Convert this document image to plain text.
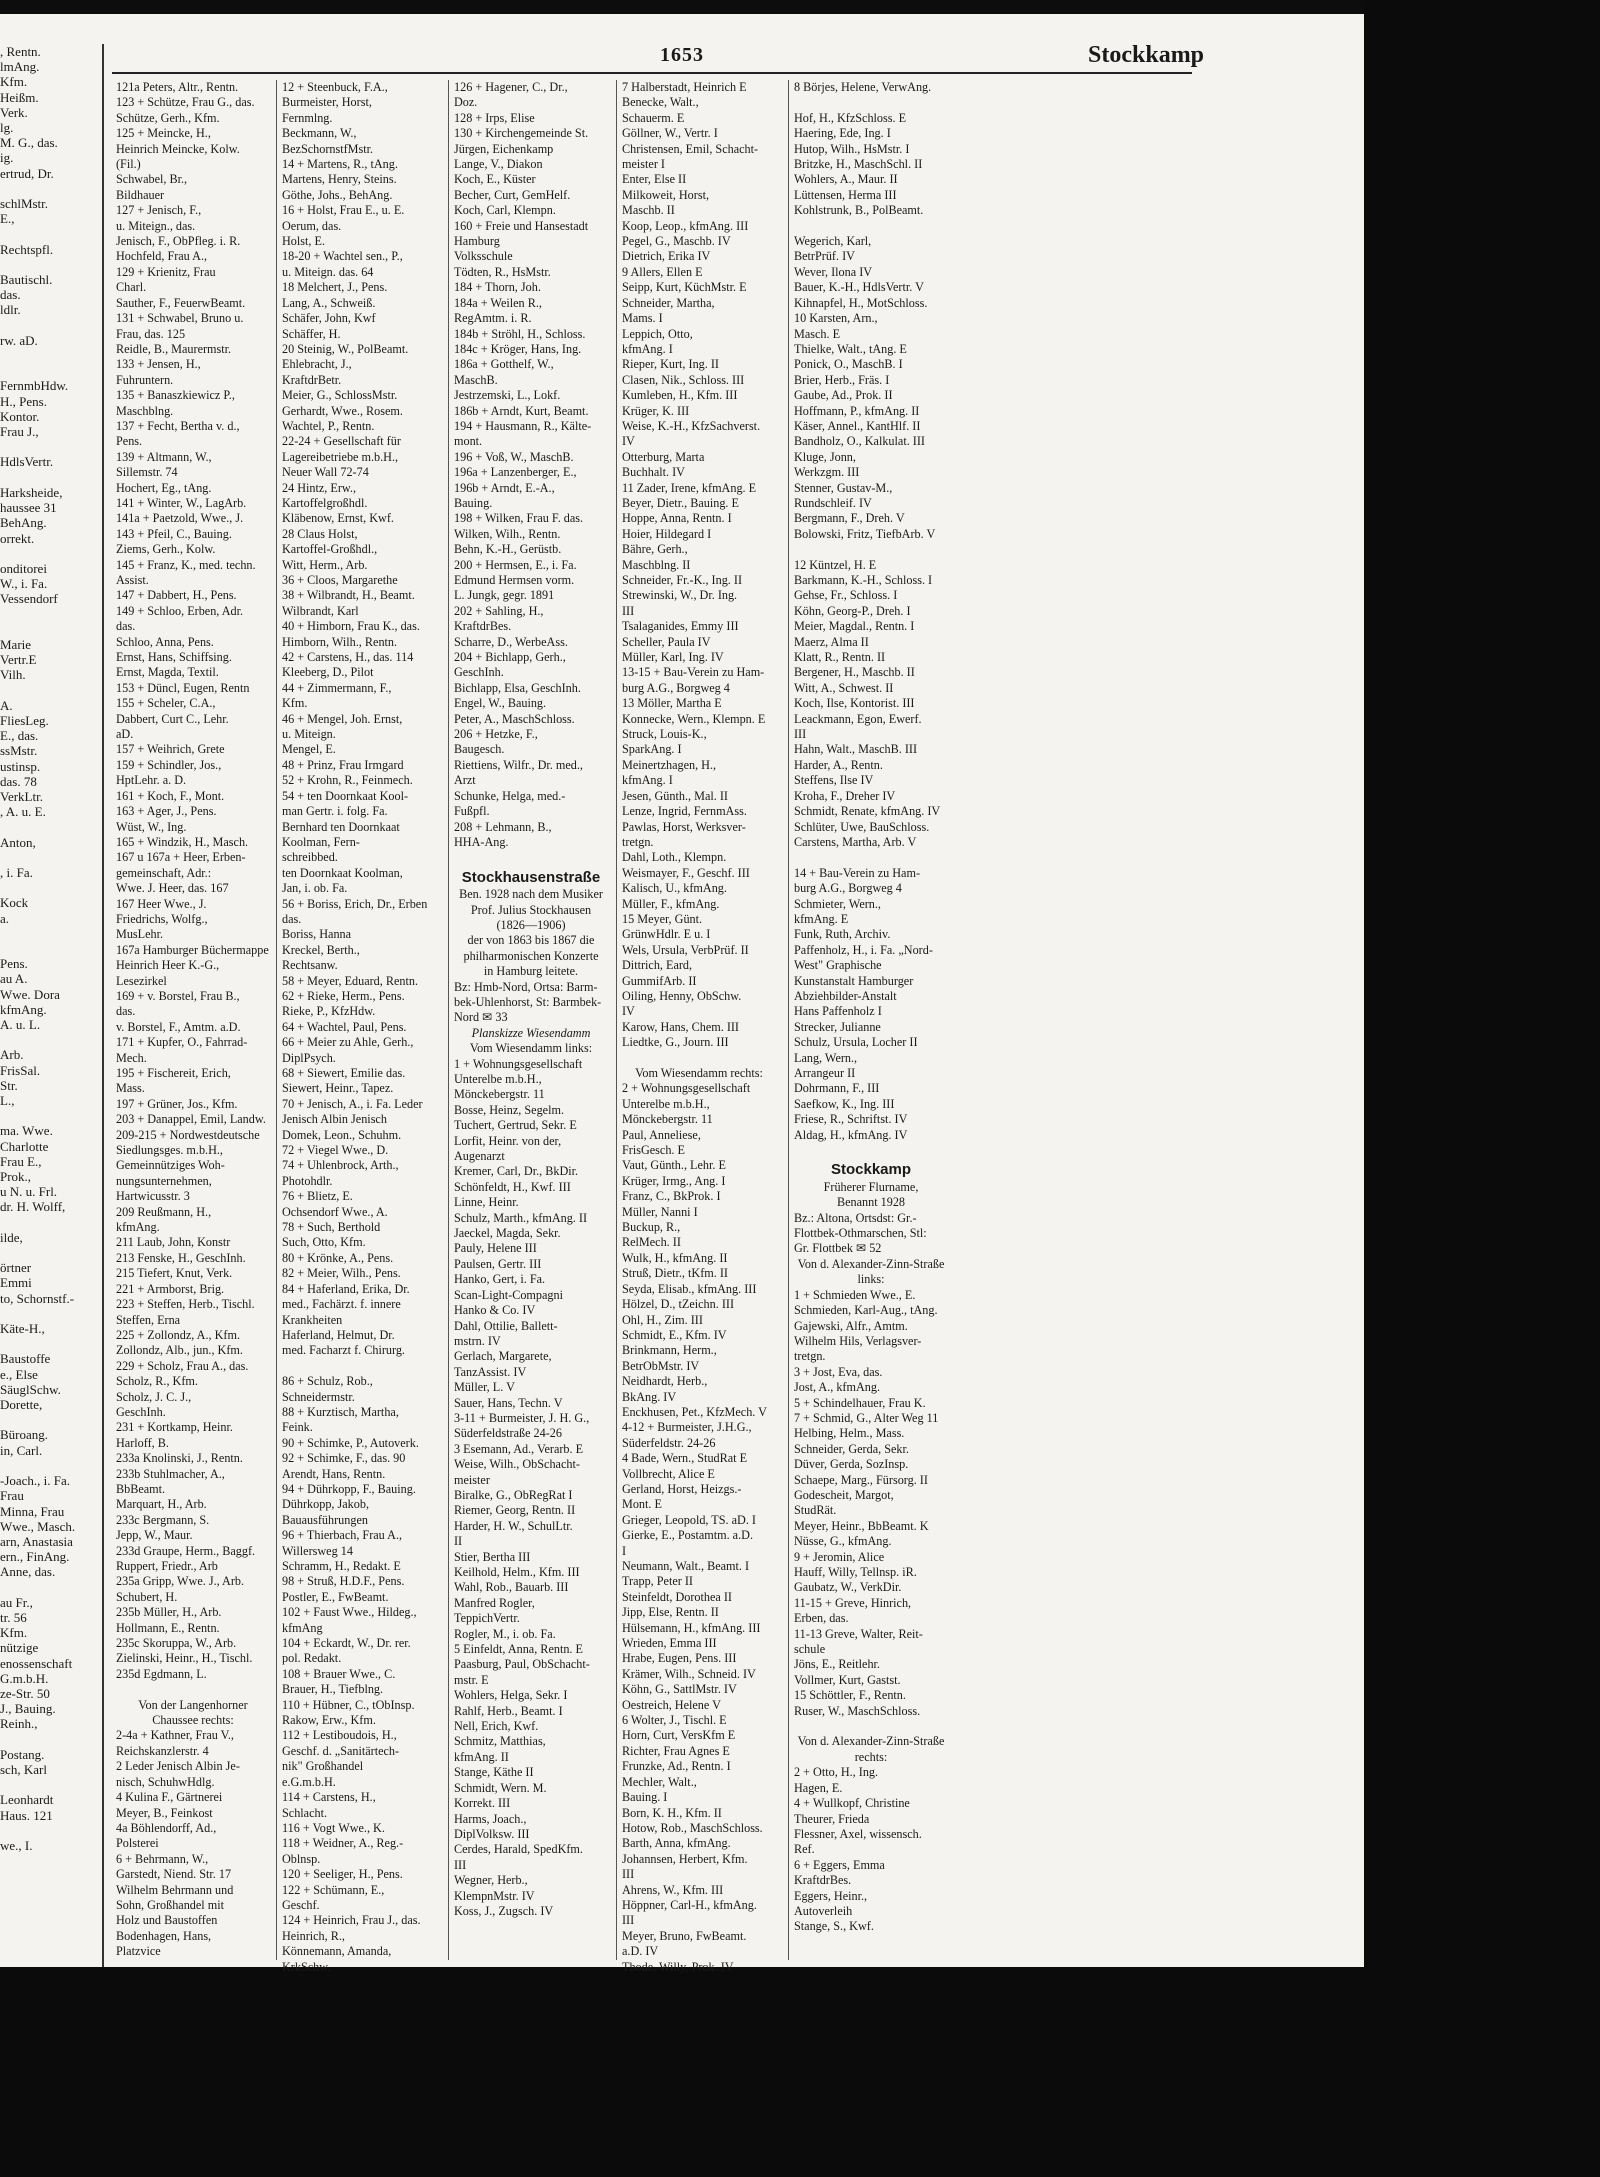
, Rentn.
lmAng.
Kfm.
Heißm.
Verk.
lg.
M. G., das.
ig.
ertrud, Dr.

schlMstr.
E.,

Rechtspfl.

Bautischl.
das.
ldlr.

rw. aD.

FernmbHdw.
H., Pens.
Kontor.
Frau J.,

HdlsVertr.

Harksheide,
haussee 31
BehAng.
orrekt.

onditorei
W., i. Fa.
Vessendorf

Marie
Vertr.E
Vilh.

A.
FliesLeg.
E., das.
ssMstr.
ustinsp.
das. 78
VerkLtr.
, A. u. E.

Anton,

, i. Fa.

Kock
a.

Pens.
au A.
Wwe. Dora
kfmAng.
A. u. L.

Arb.
FrisSal.
Str.
L.,

ma. Wwe.
Charlotte
Frau E.,
Prok.,
u N. u. Frl.
dr. H. Wolff,

ilde,

örtner
Emmi
to, Schornstf.-

Käte-H.,

Baustoffe
e., Else
SäuglSchw.
Dorette,

Büroang.
in, Carl.

-Joach., i. Fa.
Frau
Minna, Frau
Wwe., Masch.
arn, Anastasia
ern., FinAng.
Anne, das.

au Fr.,
tr. 56
Kfm.
nützige
enossenschaft
G.m.b.H.
ze-Str. 50
J., Bauing.
Reinh.,

Postang.
sch, Karl

Leonhardt
Haus. 121

we., I.
1653	Stockkamp
121a Peters, Altr., Rentn.
123 + Schütze, Frau G., das.
Schütze, Gerh., Kfm.
125 + Meincke, H.,
Heinrich Meincke, Kolw.
(Fil.)
Schwabel, Br.,
Bildhauer
127 + Jenisch, F.,
u. Miteign., das.
Jenisch, F., ObPfleg. i. R.
Hochfeld, Frau A.,
129 + Krienitz, Frau
Charl.
Sauther, F., FeuerwBeamt.
131 + Schwabel, Bruno u.
Frau, das. 125
Reidle, B., Maurermstr.
133 + Jensen, H.,
Fuhruntern.
135 + Banaszkiewicz P.,
Maschblng.
137 + Fecht, Bertha v. d.,
Pens.
139 + Altmann, W.,
Sillemstr. 74
Hochert, Eg., tAng.
141 + Winter, W., LagArb.
141a + Paetzold, Wwe., J.
143 + Pfeil, C., Bauing.
Ziems, Gerh., Kolw.
145 + Franz, K., med. techn.
Assist.
147 + Dabbert, H., Pens.
149 + Schloo, Erben, Adr.
das.
Schloo, Anna, Pens.
Ernst, Hans, Schiffsing.
Ernst, Magda, Textil.
153 + Düncl, Eugen, Rentn
155 + Scheler, C.A.,
Dabbert, Curt C., Lehr.
aD.
157 + Weihrich, Grete
159 + Schindler, Jos.,
HptLehr. a. D.
161 + Koch, F., Mont.
163 + Ager, J., Pens.
Wüst, W., Ing.
165 + Windzik, H., Masch.
167 u 167a + Heer, Erben-
gemeinschaft, Adr.:
Wwe. J. Heer, das. 167
167 Heer Wwe., J.
Friedrichs, Wolfg.,
MusLehr.
167a Hamburger Büchermappe
Heinrich Heer K.-G.,
Lesezirkel
169 + v. Borstel, Frau B.,
das.
v. Borstel, F., Amtm. a.D.
171 + Kupfer, O., Fahrrad-
Mech.
195 + Fischereit, Erich,
Mass.
197 + Grüner, Jos., Kfm.
203 + Danappel, Emil, Landw.
209-215 + Nordwestdeutsche
Siedlungsges. m.b.H.,
Gemeinnütziges Woh-
nungsunternehmen,
Hartwicusstr. 3
209 Reußmann, H.,
kfmAng.
211 Laub, John, Konstr
213 Fenske, H., GeschInh.
215 Tiefert, Knut, Verk.
221 + Armborst, Brig.
223 + Steffen, Herb., Tischl.
Steffen, Erna
225 + Zollondz, A., Kfm.
Zollondz, Alb., jun., Kfm.
229 + Scholz, Frau A., das.
Scholz, R., Kfm.
Scholz, J. C. J.,
GeschInh.
231 + Kortkamp, Heinr.
Harloff, B.
233a Knolinski, J., Rentn.
233b Stuhlmacher, A.,
BbBeamt.
Marquart, H., Arb.
233c Bergmann, S.
Jepp, W., Maur.
233d Graupe, Herm., Baggf.
Ruppert, Friedr., Arb
235a Gripp, Wwe. J., Arb.
Schubert, H.
235b Müller, H., Arb.
Hollmann, E., Rentn.
235c Skoruppa, W., Arb.
Zielinski, Heinr., H., Tischl.
235d Egdmann, L.

Von der Langenhorner
Chaussee rechts:
2-4a + Kathner, Frau V.,
Reichskanzlerstr. 4
2 Leder Jenisch Albin Je-
nisch, SchuhwHdlg.
4 Kulina F., Gärtnerei
Meyer, B., Feinkost
4a Böhlendorff, Ad.,
Polsterei
6 + Behrmann, W.,
Garstedt, Niend. Str. 17
Wilhelm Behrmann und
Sohn, Großhandel mit
Holz und Baustoffen
Bodenhagen, Hans,
Platzvice
12 + Steenbuck, F.A.,
Burmeister, Horst,
Fernmlng.
Beckmann, W.,
BezSchornstfMstr.
14 + Martens, R., tAng.
Martens, Henry, Steins.
Göthe, Johs., BehAng.
16 + Holst, Frau E., u. E.
Oerum, das.
Holst, E.
18-20 + Wachtel sen., P.,
u. Miteign. das. 64
18 Melchert, J., Pens.
Lang, A., Schweiß.
Schäfer, John, Kwf
Schäffer, H.
20 Steinig, W., PolBeamt.
Ehlebracht, J.,
KraftdrBetr.
Meier, G., SchlossMstr.
Gerhardt, Wwe., Rosem.
Wachtel, P., Rentn.
22-24 + Gesellschaft für
Lagereibetriebe m.b.H.,
Neuer Wall 72-74
24 Hintz, Erw.,
Kartoffelgroßhdl.
Kläbenow, Ernst, Kwf.
28 Claus Holst,
Kartoffel-Großhdl.,
Witt, Herm., Arb.
36 + Cloos, Margarethe
38 + Wilbrandt, H., Beamt.
Wilbrandt, Karl
40 + Himborn, Frau K., das.
Himborn, Wilh., Rentn.
42 + Carstens, H., das. 114
Kleeberg, D., Pilot
44 + Zimmermann, F.,
Kfm.
46 + Mengel, Joh. Ernst,
u. Miteign.
Mengel, E.
48 + Prinz, Frau Irmgard
52 + Krohn, R., Feinmech.
54 + ten Doornkaat Kool-
man Gertr. i. folg. Fa.
Bernhard ten Doornkaat
Koolman, Fern-
schreibbed.
ten Doornkaat Koolman,
Jan, i. ob. Fa.
56 + Boriss, Erich, Dr., Erben
das.
Boriss, Hanna
Kreckel, Berth.,
Rechtsanw.
58 + Meyer, Eduard, Rentn.
62 + Rieke, Herm., Pens.
Rieke, P., KfzHdw.
64 + Wachtel, Paul, Pens.
66 + Meier zu Ahle, Gerh.,
DiplPsych.
68 + Siewert, Emilie das.
Siewert, Heinr., Tapez.
70 + Jenisch, A., i. Fa. Leder
Jenisch Albin Jenisch
Domek, Leon., Schuhm.
72 + Viegel Wwe., D.
74 + Uhlenbrock, Arth.,
Photohdlr.
76 + Blietz, E.
Ochsendorf Wwe., A.
78 + Such, Berthold
Such, Otto, Kfm.
80 + Krönke, A., Pens.
82 + Meier, Wilh., Pens.
84 + Haferland, Erika, Dr.
med., Fachärzt. f. innere
Krankheiten
Haferland, Helmut, Dr.
med. Facharzt f. Chirurg.

86 + Schulz, Rob.,
Schneidermstr.
88 + Kurztisch, Martha,
Feink.
90 + Schimke, P., Autoverk.
92 + Schimke, F., das. 90
Arendt, Hans, Rentn.
94 + Dührkopp, F., Bauing.
Dührkopp, Jakob,
Bauausführungen
96 + Thierbach, Frau A.,
Willersweg 14
Schramm, H., Redakt. E
98 + Struß, H.D.F., Pens.
Postler, E., FwBeamt.
102 + Faust Wwe., Hildeg.,
kfmAng
104 + Eckardt, W., Dr. rer.
pol. Redakt.
108 + Brauer Wwe., C.
Brauer, H., Tiefblng.
110 + Hübner, C., tObInsp.
Rakow, Erw., Kfm.
112 + Lestiboudois, H.,
Geschf. d. „Sanitärtech-
nik" Großhandel
e.G.m.b.H.
114 + Carstens, H.,
Schlacht.
116 + Vogt Wwe., K.
118 + Weidner, A., Reg.-
Oblnsp.
120 + Seeliger, H., Pens.
122 + Schümann, E.,
Geschf.
124 + Heinrich, Frau J., das.
Heinrich, R.,
Könnemann, Amanda,
KrkSchw.
126 + Hagener, C., Dr.,
Doz.
128 + Irps, Elise
130 + Kirchengemeinde St.
Jürgen, Eichenkamp
Lange, V., Diakon
Koch, E., Küster
Becher, Curt, GemHelf.
Koch, Carl, Klempn.
160 + Freie und Hansestadt
Hamburg
Volksschule
Tödten, R., HsMstr.
184 + Thorn, Joh.
184a + Weilen R.,
RegAmtm. i. R.
184b + Ströhl, H., Schloss.
184c + Kröger, Hans, Ing.
186a + Gotthelf, W.,
MaschB.
Jestrzemski, L., Lokf.
186b + Arndt, Kurt, Beamt.
194 + Hausmann, R., Kälte-
mont.
196 + Voß, W., MaschB.
196a + Lanzenberger, E.,
196b + Arndt, E.-A.,
Bauing.
198 + Wilken, Frau F. das.
Wilken, Wilh., Rentn.
Behn, K.-H., Gerüstb.
200 + Hermsen, E., i. Fa.
Edmund Hermsen vorm.
L. Jungk, gegr. 1891
202 + Sahling, H.,
KraftdrBes.
Scharre, D., WerbeAss.
204 + Bichlapp, Gerh.,
GeschInh.
Bichlapp, Elsa, GeschInh.
Engel, W., Bauing.
Peter, A., MaschSchloss.
206 + Hetzke, F.,
Baugesch.
Riettiens, Wilfr., Dr. med.,
Arzt
Schunke, Helga, med.-
Fußpfl.
208 + Lehmann, B.,
HHA-Ang.

Stockhausenstraße
Ben. 1928 nach dem Musiker
Prof. Julius Stockhausen
(1826—1906)
der von 1863 bis 1867 die
philharmonischen Konzerte
in Hamburg leitete.
Bz: Hmb-Nord, Ortsa: Barm-
bek-Uhlenhorst, St: Barmbek-
Nord ✉ 33
Planskizze Wiesendamm
Vom Wiesendamm links:
1 + Wohnungsgesellschaft
Unterelbe m.b.H.,
Mönckebergstr. 11
Bosse, Heinz, Segelm.
Tuchert, Gertrud, Sekr. E
Lorfit, Heinr. von der,
Augenarzt
Kremer, Carl, Dr., BkDir.
Schönfeldt, H., Kwf. III
Linne, Heinr.
Schulz, Marth., kfmAng. II
Jaeckel, Magda, Sekr.
Pauly, Helene III
Paulsen, Gertr. III
Hanko, Gert, i. Fa.
Scan-Light-Compagni
Hanko & Co. IV
Dahl, Ottilie, Ballett-
mstrn. IV
Gerlach, Margarete,
TanzAssist. IV
Müller, L. V
Sauer, Hans, Techn. V
3-11 + Burmeister, J. H. G.,
Süderfeldstraße 24-26
3 Esemann, Ad., Verarb. E
Weise, Wilh., ObSchacht-
meister
Biralke, G., ObRegRat I
Riemer, Georg, Rentn. II
Harder, H. W., SchulLtr.
II
Stier, Bertha III
Keilhold, Helm., Kfm. III
Wahl, Rob., Bauarb. III
Manfred Rogler,
TeppichVertr.
Rogler, M., i. ob. Fa.
5 Einfeldt, Anna, Rentn. E
Paasburg, Paul, ObSchacht-
mstr. E
Wohlers, Helga, Sekr. I
Rahlf, Herb., Beamt. I
Nell, Erich, Kwf.
Schmitz, Matthias,
kfmAng. II
Stange, Käthe II
Schmidt, Wern. M.
Korrekt. III
Harms, Joach.,
DiplVolksw. III
Cerdes, Harald, SpedKfm.
III
Wegner, Herb.,
KlempnMstr. IV
Koss, J., Zugsch. IV
7 Halberstadt, Heinrich E
Benecke, Walt.,
Schauerm. E
Göllner, W., Vertr. I
Christensen, Emil, Schacht-
meister I
Enter, Else II
Milkoweit, Horst,
Maschb. II
Koop, Leop., kfmAng. III
Pegel, G., Maschb. IV
Dietrich, Erika IV
9 Allers, Ellen E
Seipp, Kurt, KüchMstr. E
Schneider, Martha,
Mams. I
Leppich, Otto,
kfmAng. I
Rieper, Kurt, Ing. II
Clasen, Nik., Schloss. III
Kumleben, H., Kfm. III
Krüger, K. III
Weise, K.-H., KfzSachverst.
IV
Otterburg, Marta
Buchhalt. IV
11 Zader, Irene, kfmAng. E
Beyer, Dietr., Bauing. E
Hoppe, Anna, Rentn. I
Hoier, Hildegard I
Bähre, Gerh.,
Maschblng. II
Schneider, Fr.-K., Ing. II
Strewinski, W., Dr. Ing.
III
Tsalaganides, Emmy III
Scheller, Paula IV
Müller, Karl, Ing. IV
13-15 + Bau-Verein zu Ham-
burg A.G., Borgweg 4
13 Möller, Martha E
Konnecke, Wern., Klempn. E
Struck, Louis-K.,
SparkAng. I
Meinertzhagen, H.,
kfmAng. I
Jesen, Günth., Mal. II
Lenze, Ingrid, FernmAss.
Pawlas, Horst, Werksver-
tretgn.
Dahl, Loth., Klempn.
Weismayer, F., Geschf. III
Kalisch, U., kfmAng.
Müller, F., kfmAng.
15 Meyer, Günt.
GrünwHdlr. E u. I
Wels, Ursula, VerbPrüf. II
Dittrich, Eard,
GummifArb. II
Oiling, Henny, ObSchw.
IV
Karow, Hans, Chem. III
Liedtke, G., Journ. III

Vom Wiesendamm rechts:
2 + Wohnungsgesellschaft
Unterelbe m.b.H.,
Mönckebergstr. 11
Paul, Anneliese,
FrisGesch. E
Vaut, Günth., Lehr. E
Krüger, Irmg., Ang. I
Franz, C., BkProk. I
Müller, Nanni I
Buckup, R.,
RelMech. II
Wulk, H., kfmAng. II
Struß, Dietr., tKfm. II
Seyda, Elisab., kfmAng. III
Hölzel, D., tZeichn. III
Ohl, H., Zim. III
Schmidt, E., Kfm. IV
Brinkmann, Herm.,
BetrObMstr. IV
Neidhardt, Herb.,
BkAng. IV
Enckhusen, Pet., KfzMech. V
4-12 + Burmeister, J.H.G.,
Süderfeldstr. 24-26
4 Bade, Wern., StudRat E
Vollbrecht, Alice E
Gerland, Horst, Heizgs.-
Mont. E
Grieger, Leopold, TS. aD. I
Gierke, E., Postamtm. a.D.
I
Neumann, Walt., Beamt. I
Trapp, Peter II
Steinfeldt, Dorothea II
Jipp, Else, Rentn. II
Hülsemann, H., kfmAng. III
Wrieden, Emma III
Hrabe, Eugen, Pens. III
Krämer, Wilh., Schneid. IV
Köhn, G., SattlMstr. IV
Oestreich, Helene V
6 Wolter, J., Tischl. E
Horn, Curt, VersKfm E
Richter, Frau Agnes E
Frunzke, Ad., Rentn. I
Mechler, Walt.,
Bauing. I
Born, K. H., Kfm. II
Hotow, Rob., MaschSchloss.
Barth, Anna, kfmAng.
Johannsen, Herbert, Kfm.
III
Ahrens, W., Kfm. III
Höppner, Carl-H., kfmAng.
III
Meyer, Bruno, FwBeamt.
a.D. IV
Thode, Willy, Prok. IV
8 Börjes, Helene, VerwAng.

Hof, H., KfzSchloss. E
Haering, Ede, Ing. I
Hutop, Wilh., HsMstr. I
Britzke, H., MaschSchl. II
Wohlers, A., Maur. II
Lüttensen, Herma III
Kohlstrunk, B., PolBeamt.

Wegerich, Karl,
BetrPrüf. IV
Wever, Ilona IV
Bauer, K.-H., HdlsVertr. V
Kihnapfel, H., MotSchloss.
10 Karsten, Arn.,
Masch. E
Thielke, Walt., tAng. E
Ponick, O., MaschB. I
Brier, Herb., Fräs. I
Gaube, Ad., Prok. II
Hoffmann, P., kfmAng. II
Käser, Annel., KantHlf. II
Bandholz, O., Kalkulat. III
Kluge, Jonn,
Werkzgm. III
Stenner, Gustav-M.,
Rundschleif. IV
Bergmann, F., Dreh. V
Bolowski, Fritz, TiefbArb. V

12 Küntzel, H. E
Barkmann, K.-H., Schloss. I
Gehse, Fr., Schloss. I
Köhn, Georg-P., Dreh. I
Meier, Magdal., Rentn. I
Maerz, Alma II
Klatt, R., Rentn. II
Bergener, H., Maschb. II
Witt, A., Schwest. II
Koch, Ilse, Kontorist. III
Leackmann, Egon, Ewerf.
III
Hahn, Walt., MaschB. III
Harder, A., Rentn.
Steffens, Ilse IV
Kroha, F., Dreher IV
Schmidt, Renate, kfmAng. IV
Schlüter, Uwe, BauSchloss.
Carstens, Martha, Arb. V

14 + Bau-Verein zu Ham-
burg A.G., Borgweg 4
Schmieter, Wern.,
kfmAng. E
Funk, Ruth, Archiv.
Paffenholz, H., i. Fa. „Nord-
West" Graphische
Kunstanstalt Hamburger
Abziehbilder-Anstalt
Hans Paffenholz I
Strecker, Julianne
Schulz, Ursula, Locher II
Lang, Wern.,
Arrangeur II
Dohrmann, F., III
Saefkow, K., Ing. III
Friese, R., Schriftst. IV
Aldag, H., kfmAng. IV

Stockkamp
Früherer Flurname,
Benannt 1928
Bz.: Altona, Ortsdst: Gr.-
Flottbek-Othmarschen, Stl:
Gr. Flottbek ✉ 52
Von d. Alexander-Zinn-Straße
links:
1 + Schmieden Wwe., E.
Schmieden, Karl-Aug., tAng.
Gajewski, Alfr., Amtm.
Wilhelm Hils, Verlagsver-
tretgn.
3 + Jost, Eva, das.
Jost, A., kfmAng.
5 + Schindelhauer, Frau K.
7 + Schmid, G., Alter Weg 11
Helbing, Helm., Mass.
Schneider, Gerda, Sekr.
Düver, Gerda, SozInsp.
Schaepe, Marg., Fürsorg. II
Godescheit, Margot,
StudRät.
Meyer, Heinr., BbBeamt. K
Nüsse, G., kfmAng.
9 + Jeromin, Alice
Hauff, Willy, Tellnsp. iR.
Gaubatz, W., VerkDir.
11-15 + Greve, Hinrich,
Erben, das.
11-13 Greve, Walter, Reit-
schule
Jöns, E., Reitlehr.
Vollmer, Kurt, Gastst.
15 Schöttler, F., Rentn.
Ruser, W., MaschSchloss.

Von d. Alexander-Zinn-Straße
rechts:
2 + Otto, H., Ing.
Hagen, E.
4 + Wullkopf, Christine
Theurer, Frieda
Flessner, Axel, wissensch.
Ref.
6 + Eggers, Emma
KraftdrBes.
Eggers, Heinr.,
Autoverleih
Stange, S., Kwf.
